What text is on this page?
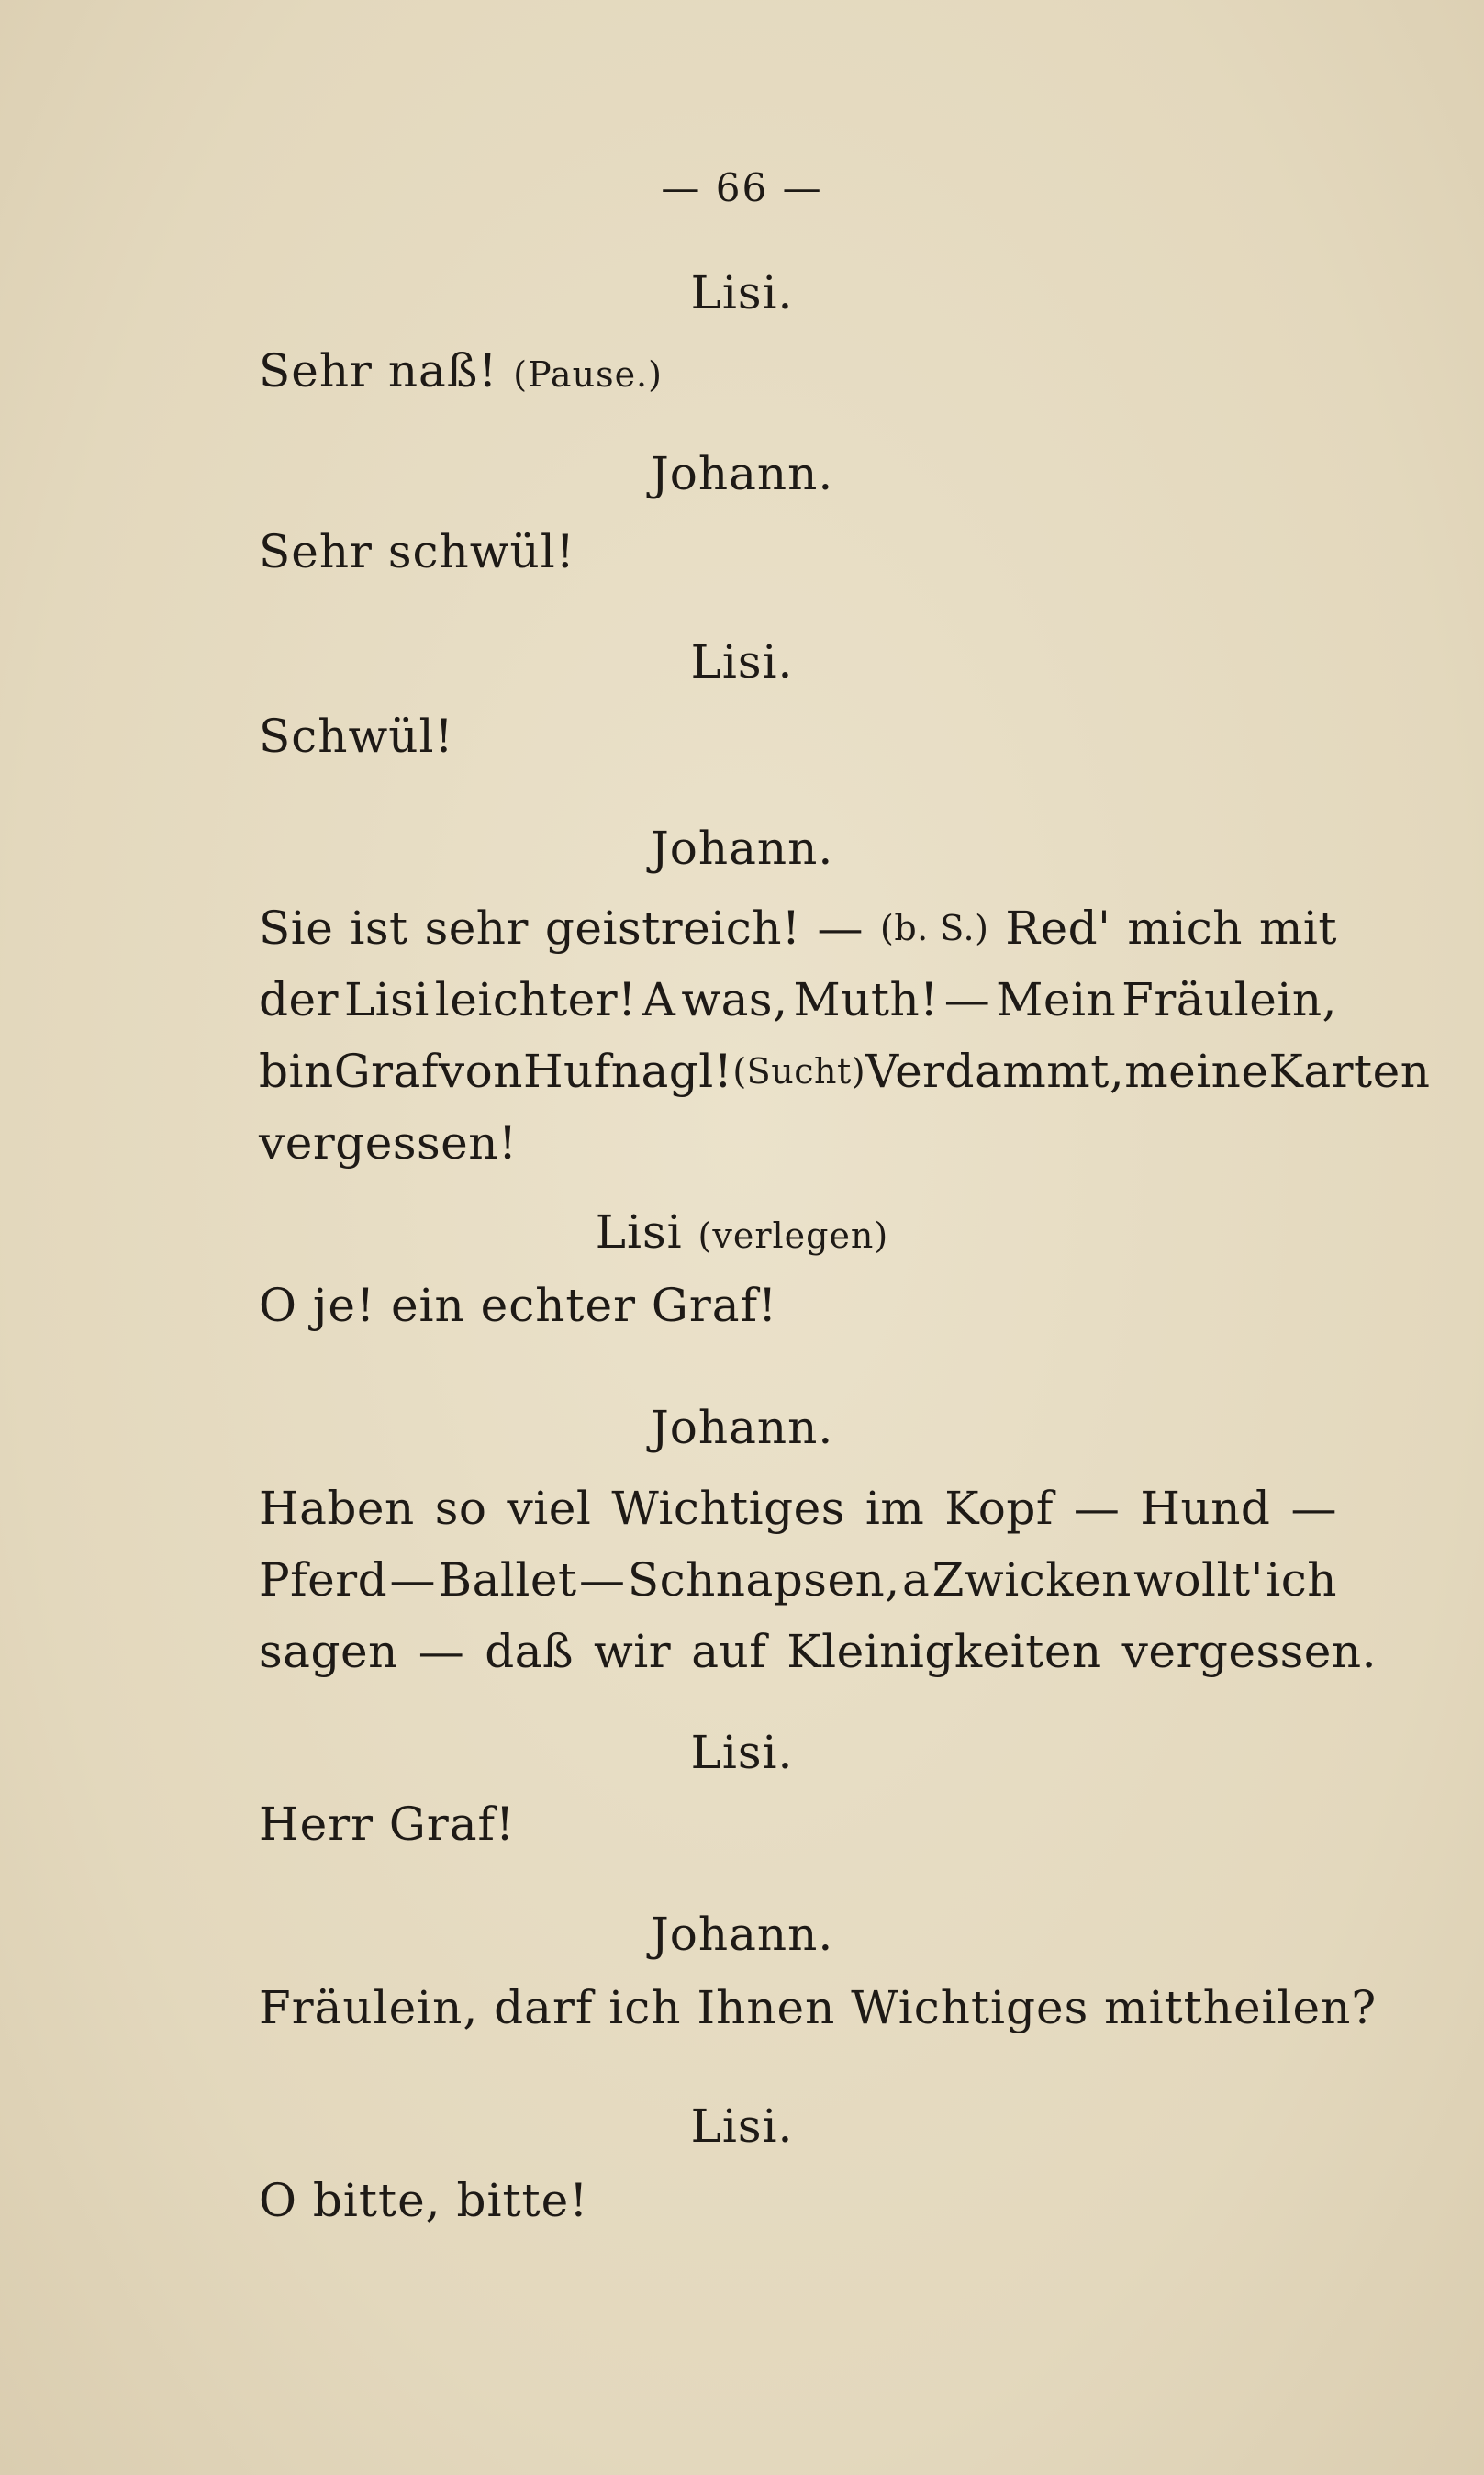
— 66 —
Lisi.
Sehr naß! (Pause.)
Johann.
Sehr schwül!
Lisi.
Schwül!
Johann.
Sie ist sehr geistreich! — (b. S.) Red' mich mit
der Lisi leichter! A was, Muth! — Mein Fräulein,
bin Graf von Hufnagl! (Sucht) Verdammt, meine Karten
vergessen!
Lisi (verlegen)
O je! ein echter Graf!
Johann.
Haben so viel Wichtiges im Kopf — Hund —
Pferd — Ballet — Schnapsen, a Zwicken wollt' ich
sagen — daß wir auf Kleinigkeiten vergessen.
Lisi.
Herr Graf!
Johann.
Fräulein, darf ich Ihnen Wichtiges mittheilen?
Lisi.
O bitte, bitte!
